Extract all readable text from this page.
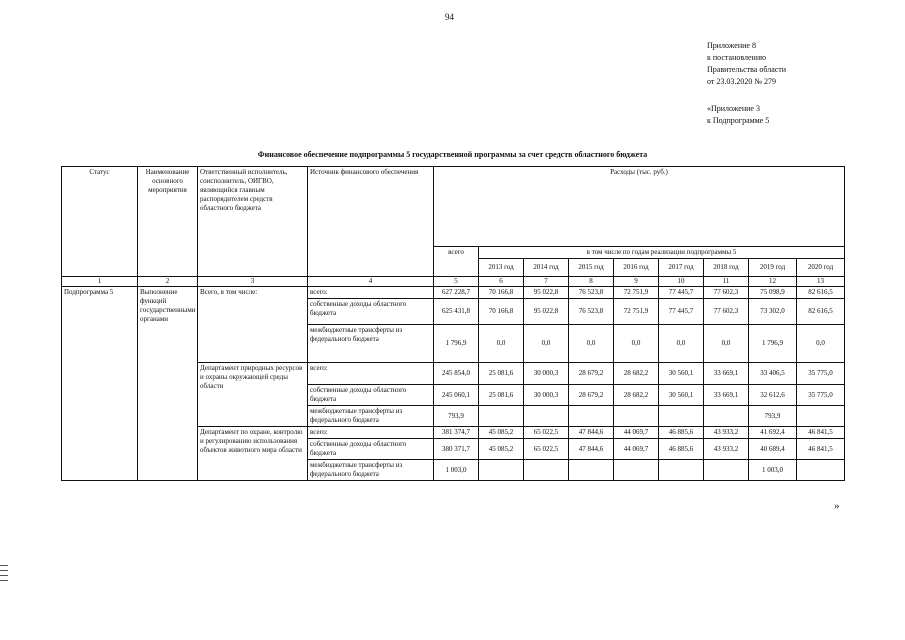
94
Приложение 8
к постановлению
Правительства области
от 23.03.2020 № 279
«Приложение 3
к Подпрограмме 5
Финансовое обеспечение подпрограммы 5 государственной программы за счет средств областного бюджета
Статус	Наименование основного мероприятия	Ответственный исполнитель, соисполнитель, ОИГВО, являющийся главным распорядителем средств областного бюджета	Источник финансового обеспечения	Расходы (тыс. руб.)								
				всего	в том числе по годам реализации подпрограммы 5							
					2013 год	2014 год	2015 год	2016 год	2017 год	2018 год	2019 год	2020 год
1	2	3	4	5	6	7	8	9	10	11	12	13
Подпрограмма 5	Выполнение функций государственными органами	Всего, в том числе:	всего:	627 228,7	70 166,8	95 022,8	76 523,8	72 751,9	77 445,7	77 602,3	75 098,9	82 616,5
			собственные доходы областного бюджета	625 431,8	70 166,8	95 022,8	76 523,8	72 751,9	77 445,7	77 602,3	73 302,0	82 616,5
			межбюджетные трансферты из федерального бюджета	1 796,9	0,0	0,0	0,0	0,0	0,0	0,0	1 796,9	0,0
		Департамент природных ресурсов и охраны окружающей среды области	всего:	245 854,0	25 081,6	30 000,3	28 679,2	28 682,2	30 560,1	33 669,1	33 406,5	35 775,0
			собственные доходы областного бюджета	245 060,1	25 081,6	30 000,3	28 679,2	28 682,2	30 560,1	33 669,1	32 612,6	35 775,0
			межбюджетные трансферты из федерального бюджета	793,9							793,9	
		Департамент по охране, контролю и регулированию использования объектов животного мира области	всего:	381 374,7	45 085,2	65 022,5	47 844,6	44 069,7	46 885,6	43 933,2	41 692,4	46 841,5
			собственные доходы областного бюджета	380 371,7	45 085,2	65 022,5	47 844,6	44 069,7	46 885,6	43 933,2	40 689,4	46 841,5
			межбюджетные трансферты из федерального бюджета	1 003,0							1 003,0	
»
